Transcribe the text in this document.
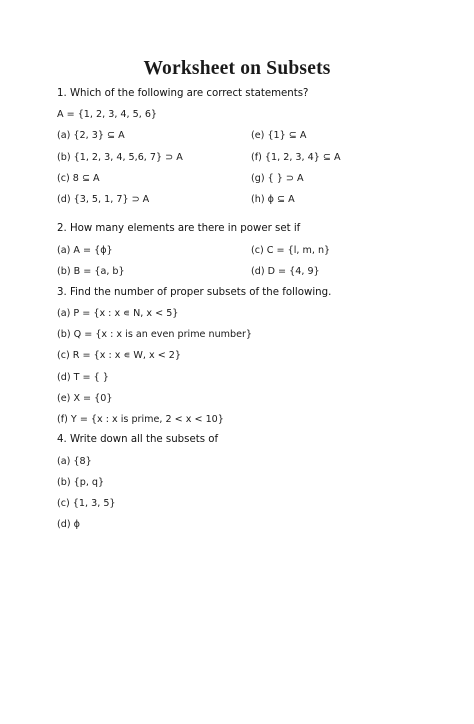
Worksheet on Subsets
1. Which of the following are correct statements?
A = {1, 2, 3, 4, 5, 6}
(a) {2, 3} ⊆ A	(e) {1} ⊆ A
(b) {1, 2, 3, 4, 5,6, 7} ⊃ A	(f) {1, 2, 3, 4} ⊆ A
(c) 8 ⊆ A	(g) { } ⊃ A
(d) {3, 5, 1, 7} ⊃ A	(h) ϕ ⊆ A
2. How many elements are there in power set if
(a) A = {ϕ}	(c) C = {l, m, n}
(b) B = {a, b}	(d) D = {4, 9}
3. Find the number of proper subsets of the following.
(a) P = {x : x ∊ N, x < 5}
(b) Q = {x : x is an even prime number}
(c) R = {x : x ∊ W, x < 2}
(d) T = { }
(e) X = {0}
(f) Y = {x : x is prime, 2 < x < 10}
4. Write down all the subsets of
(a) {8}
(b) {p, q}
(c) {1, 3, 5}
(d) ϕ
